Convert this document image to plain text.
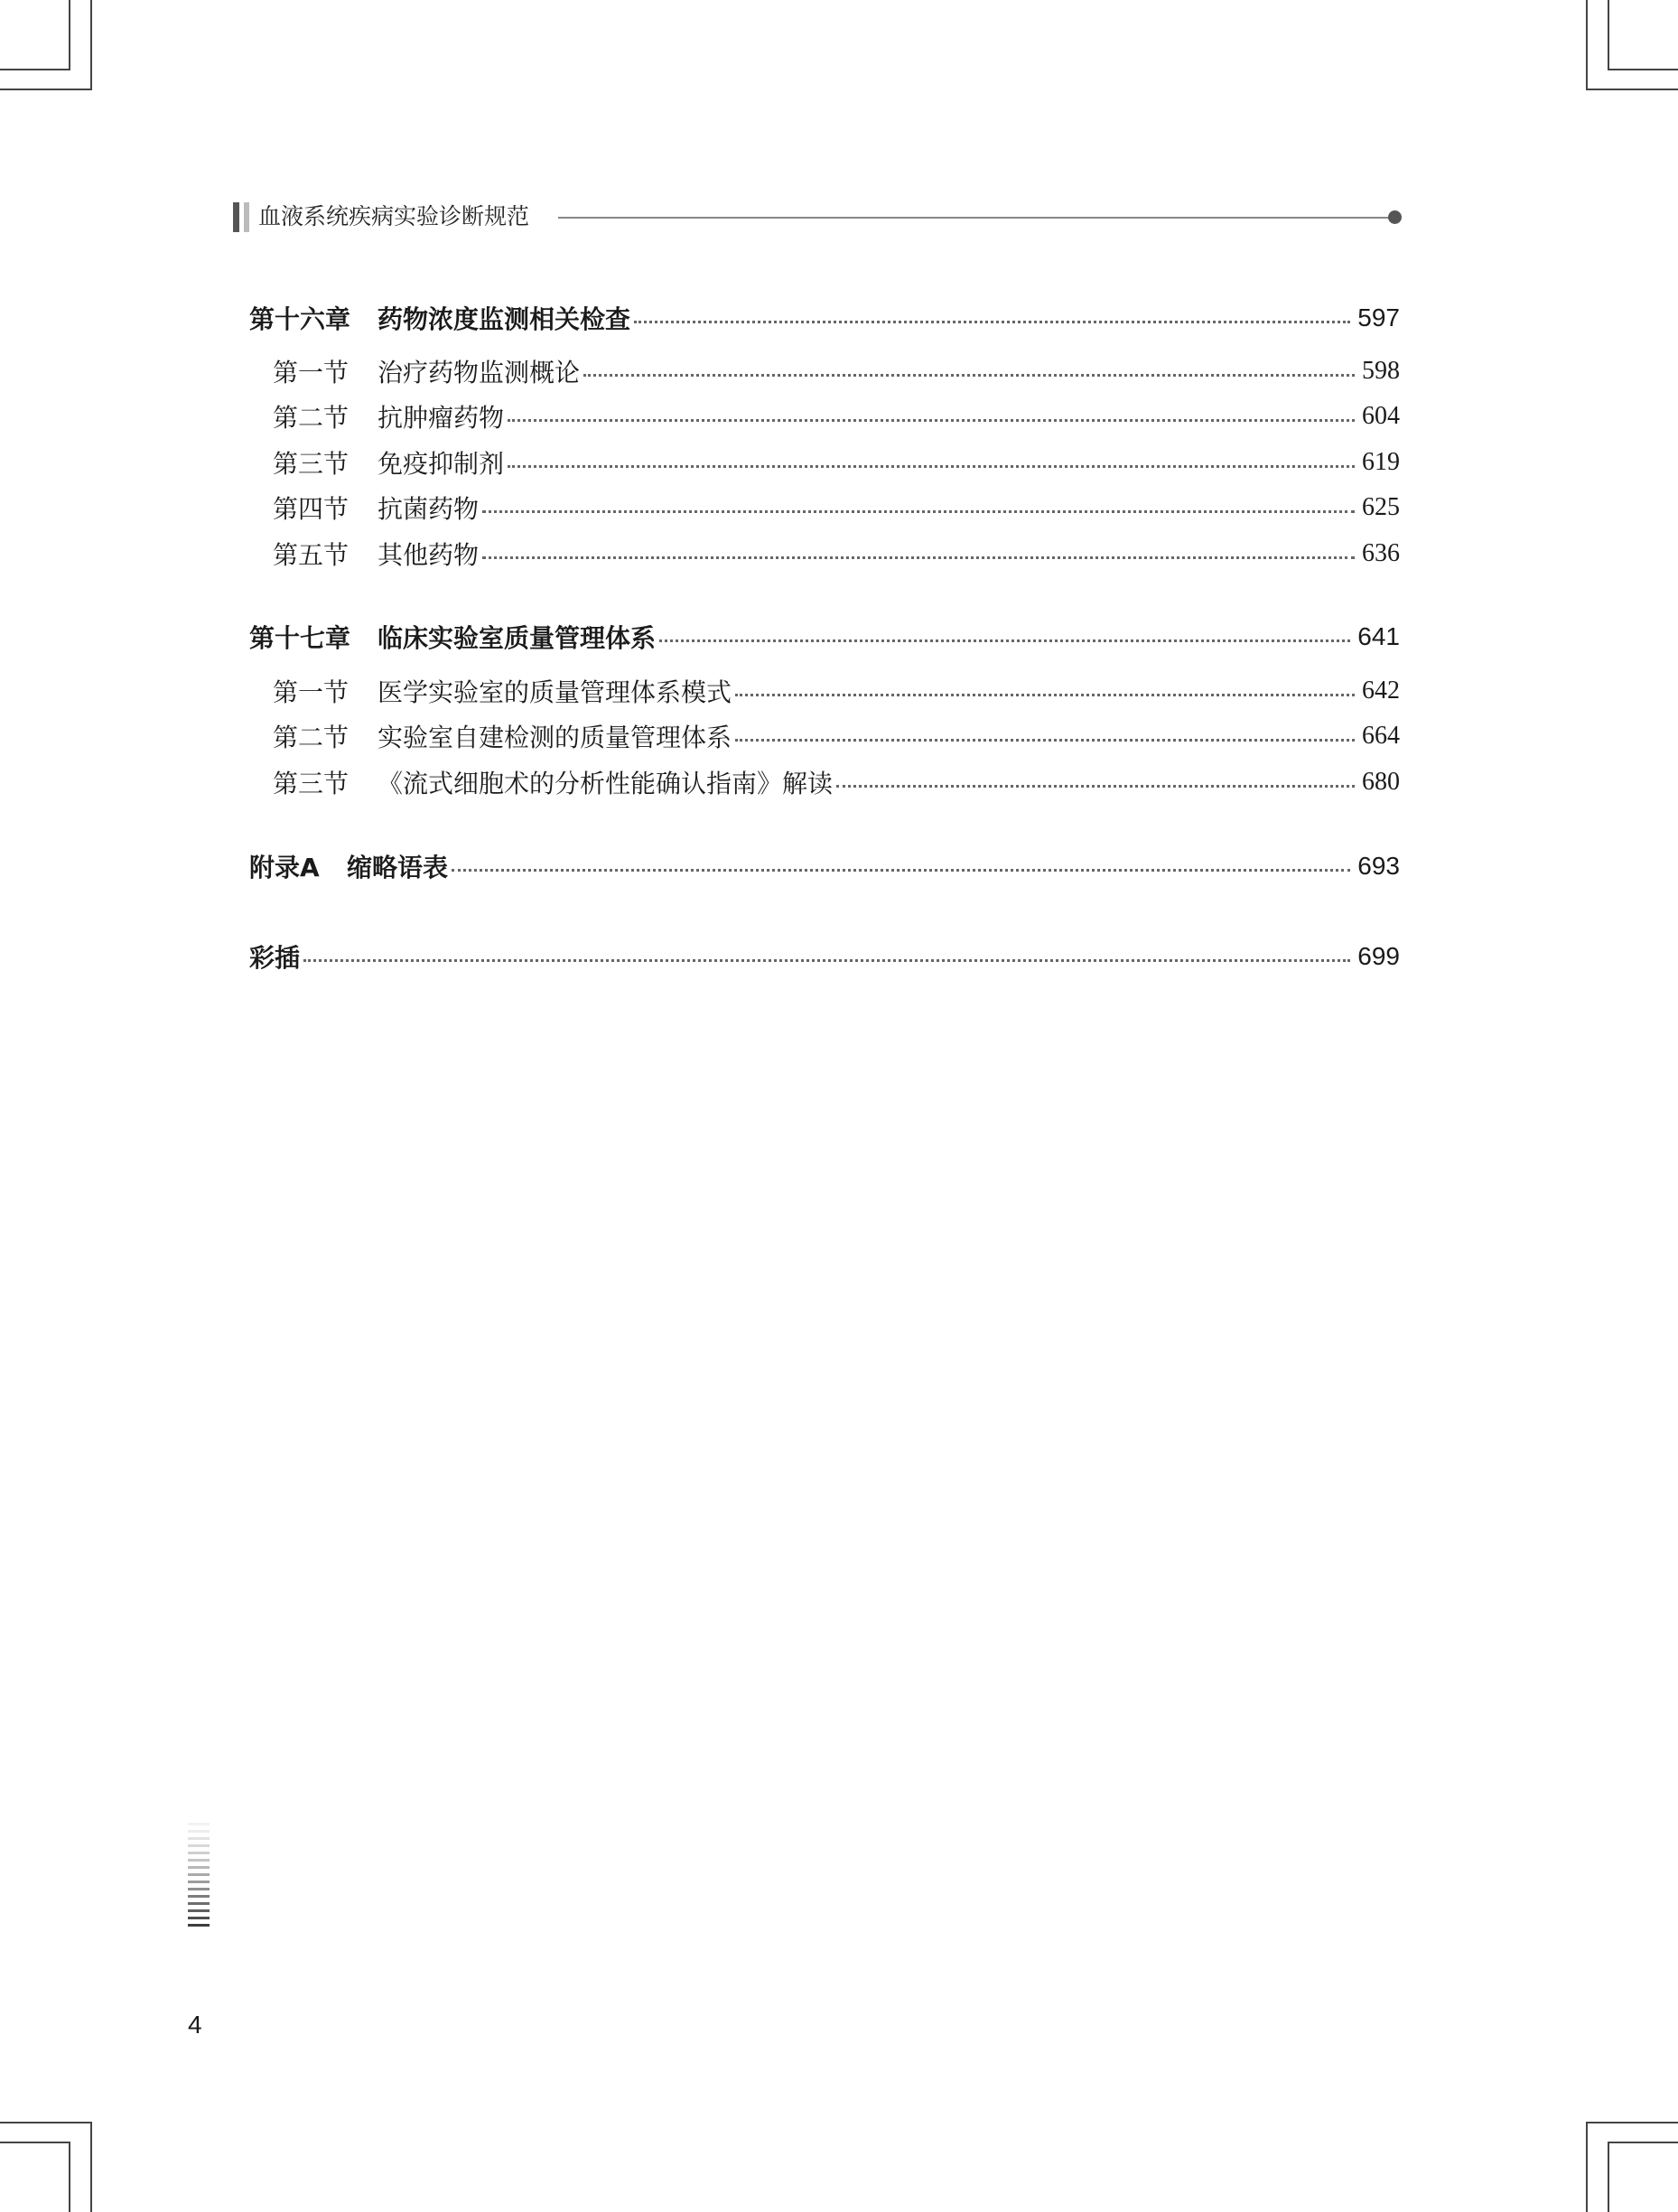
血液系统疾病实验诊断规范
第十六章	药物浓度监测相关检查	597
第一节	治疗药物监测概论	598
第二节	抗肿瘤药物	604
第三节	免疫抑制剂	619
第四节	抗菌药物	625
第五节	其他药物	636
第十七章	临床实验室质量管理体系	641
第一节	医学实验室的质量管理体系模式	642
第二节	实验室自建检测的质量管理体系	664
第三节	《流式细胞术的分析性能确认指南》解读	680
附录A	缩略语表	693
彩插	699
4
